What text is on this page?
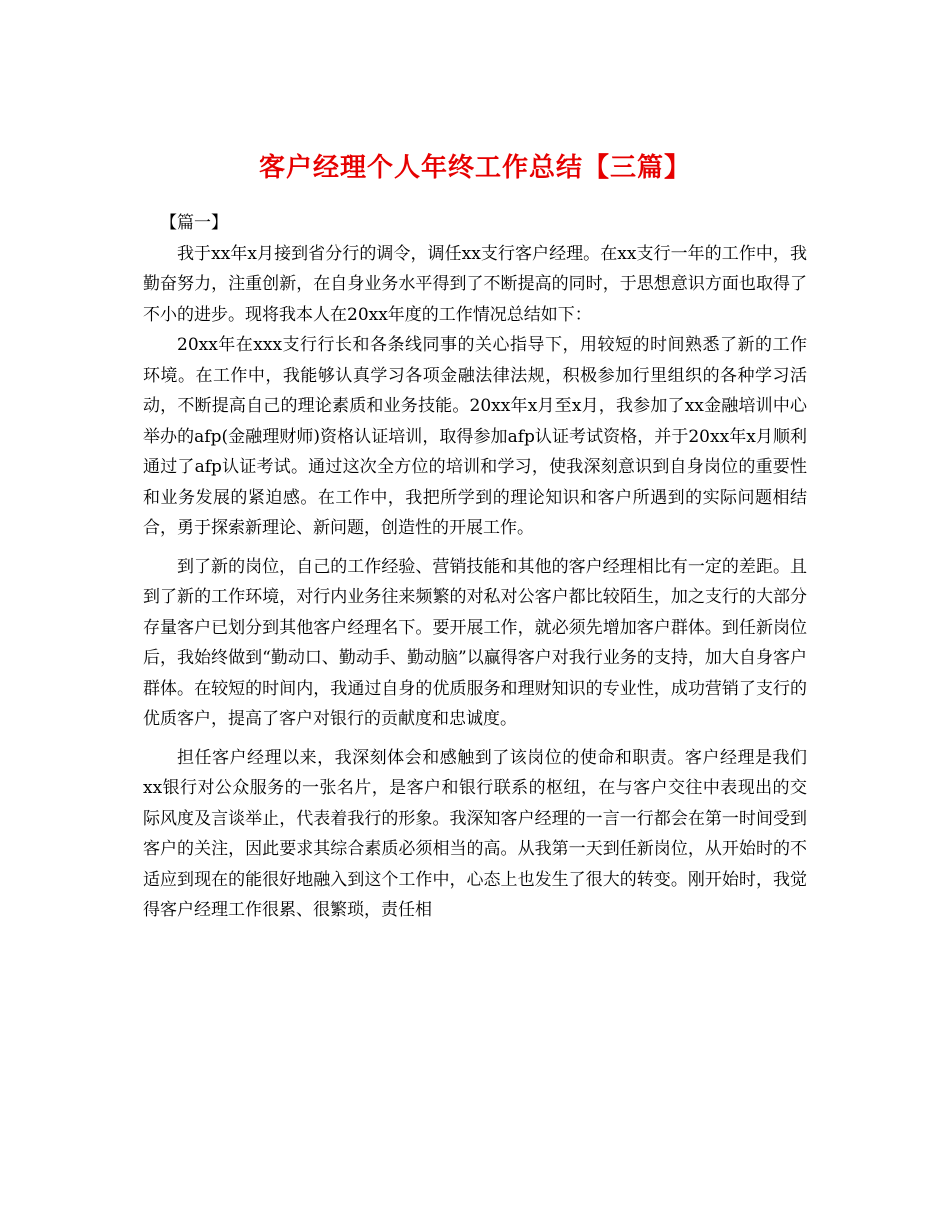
客户经理个人年终工作总结【三篇】

【篇一】

我于xx年x月接到省分行的调令，调任xx支行客户经理。在xx支行一年的工作中，我勤奋努力，注重创新，在自身业务水平得到了不断提高的同时，于思想意识方面也取得了不小的进步。现将我本人在20xx年度的工作情况总结如下：

20xx年在xxx支行行长和各条线同事的关心指导下，用较短的时间熟悉了新的工作环境。在工作中，我能够认真学习各项金融法律法规，积极参加行里组织的各种学习活动，不断提高自己的理论素质和业务技能。20xx年x月至x月，我参加了xx金融培训中心举办的afp(金融理财师)资格认证培训，取得参加afp认证考试资格，并于20xx年x月顺利通过了afp认证考试。通过这次全方位的培训和学习，使我深刻意识到自身岗位的重要性和业务发展的紧迫感。在工作中，我把所学到的理论知识和客户所遇到的实际问题相结合，勇于探索新理论、新问题，创造性的开展工作。

到了新的岗位，自己的工作经验、营销技能和其他的客户经理相比有一定的差距。且到了新的工作环境，对行内业务往来频繁的对私对公客户都比较陌生，加之支行的大部分存量客户已划分到其他客户经理名下。要开展工作，就必须先增加客户群体。到任新岗位后，我始终做到“勤动口、勤动手、勤动脑”以赢得客户对我行业务的支持，加大自身客户群体。在较短的时间内，我通过自身的优质服务和理财知识的专业性，成功营销了支行的优质客户，提高了客户对银行的贡献度和忠诚度。

担任客户经理以来，我深刻体会和感触到了该岗位的使命和职责。客户经理是我们xx银行对公众服务的一张名片，是客户和银行联系的枢纽，在与客户交往中表现出的交际风度及言谈举止，代表着我行的形象。我深知客户经理的一言一行都会在第一时间受到客户的关注，因此要求其综合素质必须相当的高。从我第一天到任新岗位，从开始时的不适应到现在的能很好地融入到这个工作中，心态上也发生了很大的转变。刚开始时，我觉得客户经理工作很累、很繁琐，责任相
